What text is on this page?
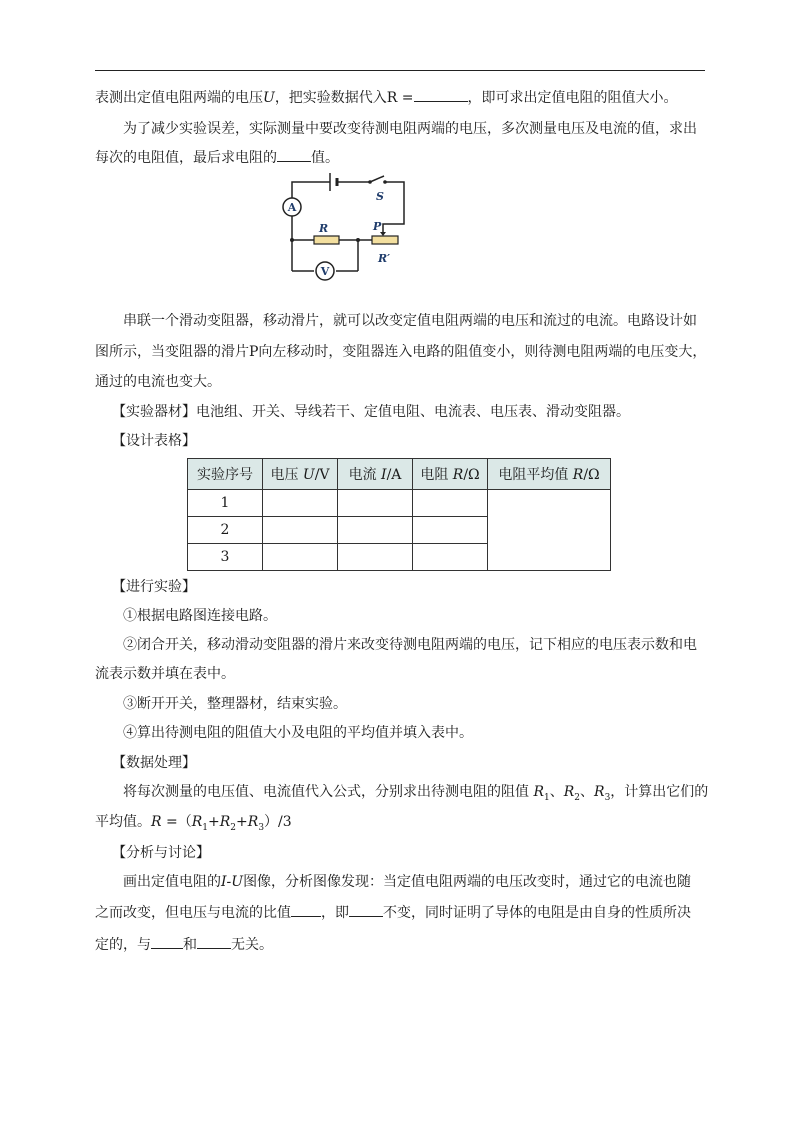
表测出定值电阻两端的电压U，把实验数据代入R =	，即可求出定值电阻的阻值大小。
为了减少实验误差，实际测量中要改变待测电阻两端的电压，多次测量电压及电流的值，求出
每次的电阻值，最后求电阻的 值。
A
V
S
R	P
R′
串联一个滑动变阻器，移动滑片，就可以改变定值电阻两端的电压和流过的电流。电路设计如
图所示，当变阻器的滑片P向左移动时，变阻器连入电路的阻值变小，则待测电阻两端的电压变大，
通过的电流也变大。
【实验器材】电池组、开关、导线若干、定值电阻、电流表、电压表、滑动变阻器。
【设计表格】
实验序号	电压 U/V	电流 I/A	电阻 R/Ω	电阻平均值 R/Ω
1				
2				
3				
【进行实验】
①根据电路图连接电路。
②闭合开关，移动滑动变阻器的滑片来改变待测电阻两端的电压，记下相应的电压表示数和电
流表示数并填在表中。
③断开开关，整理器材，结束实验。
④算出待测电阻的阻值大小及电阻的平均值并填入表中。
【数据处理】
将每次测量的电压值、电流值代入公式，分别求出待测电阻的阻值 $R_1$、$R_2$、$R_3$，计算出它们的
平均值。$R =(R_1+R_2+R_3)/3$
【分析与讨论】
画出定值电阻的I-U图像，分析图像发现：当定值电阻两端的电压改变时，通过它的电流也随
之而改变，但电压与电流的比值 ，即 不变，同时证明了导体的电阻是由自身的性质所决
定的，与 和 无关。
